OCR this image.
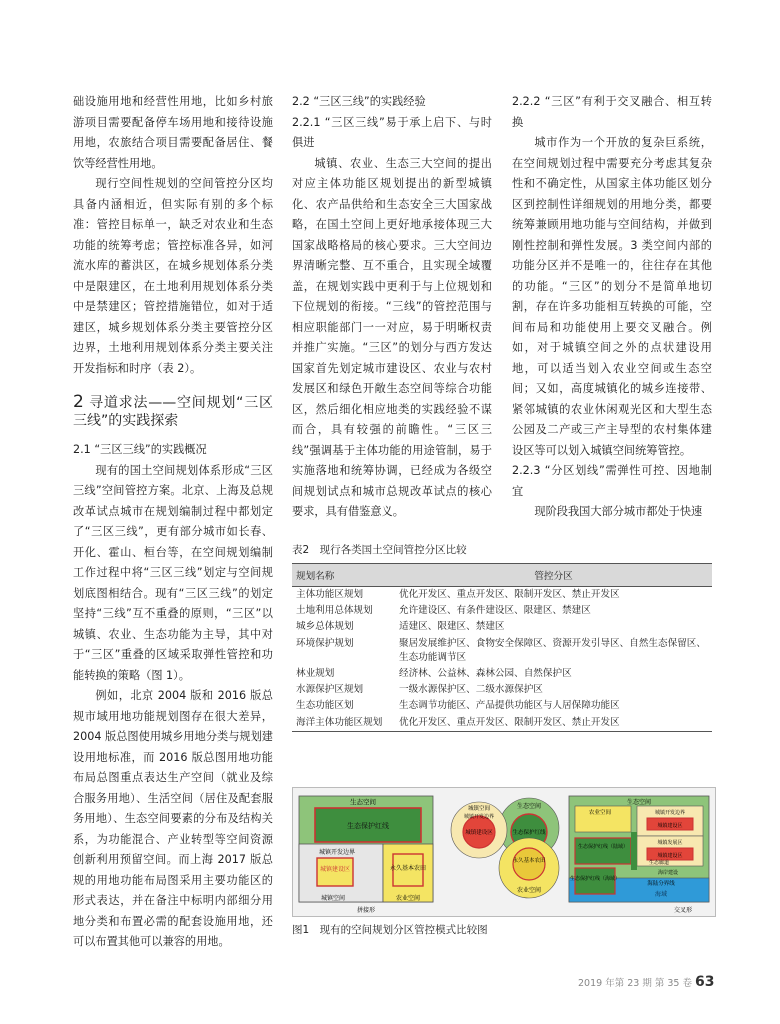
础设施用地和经营性用地，比如乡村旅游项目需要配备停车场用地和接待设施用地，农旅结合项目需要配备居住、餐饮等经营性用地。

现行空间性规划的空间管控分区均具备内涵相近，但实际有别的多个标准：管控目标单一，缺乏对农业和生态功能的统筹考虑；管控标准各异，如河流水库的蓄洪区，在城乡规划体系分类中是限建区，在土地利用规划体系分类中是禁建区；管控措施错位，如对于适建区，城乡规划体系分类主要管控分区边界，土地利用规划体系分类主要关注开发指标和时序（表 2）。

2 寻道求法——空间规划“三区三线”的实践探索

2.1 “三区三线”的实践概况

现有的国土空间规划体系形成“三区三线”空间管控方案。北京、上海及总规改革试点城市在规划编制过程中都划定了“三区三线”，更有部分城市如长春、开化、霍山、桓台等，在空间规划编制工作过程中将“三区三线”划定与空间规划底图相结合。现有“三区三线”的划定坚持“三线”互不重叠的原则，“三区”以城镇、农业、生态功能为主导，其中对于“三区”重叠的区域采取弹性管控和功能转换的策略（图 1）。

例如，北京 2004 版和 2016 版总规市域用地功能规划图存在很大差异，2004 版总图使用城乡用地分类与规划建设用地标准，而 2016 版总图用地功能布局总图重点表达生产空间（就业及综合服务用地）、生活空间（居住及配套服务用地）、生态空间要素的分布及结构关系，为功能混合、产业转型等空间资源创新利用预留空间。而上海 2017 版总规的用地功能布局图采用主要功能区的形式表达，并在备注中标明内部细分用地分类和布置必需的配套设施用地，还可以布置其他可以兼容的用地。

2.2 “三区三线”的实践经验

2.2.1 “三区三线”易于承上启下、与时俱进

城镇、农业、生态三大空间的提出对应主体功能区规划提出的新型城镇化、农产品供给和生态安全三大国家战略，在国土空间上更好地承接体现三大国家战略格局的核心要求。三大空间边界清晰完整、互不重合，且实现全域覆盖，在规划实践中更利于与上位规划和下位规划的衔接。“三线”的管控范围与相应职能部门一一对应，易于明晰权责并推广实施。“三区”的划分与西方发达国家首先划定城市建设区、农业与农村发展区和绿色开敞生态空间等综合功能区，然后细化相应地类的实践经验不谋而合，具有较强的前瞻性。“三区三线”强调基于主体功能的用途管制，易于实施落地和统筹协调，已经成为各级空间规划试点和城市总规改革试点的核心要求，具有借鉴意义。

2.2.2 “三区”有利于交叉融合、相互转换

城市作为一个开放的复杂巨系统，在空间规划过程中需要充分考虑其复杂性和不确定性，从国家主体功能区划分区到控制性详细规划的用地分类，都要统筹兼顾用地功能与空间结构，并做到刚性控制和弹性发展。3 类空间内部的功能分区并不是唯一的，往往存在其他的功能。“三区”的划分不是简单地切割，存在许多功能相互转换的可能，空间布局和功能使用上要交叉融合。例如，对于城镇空间之外的点状建设用地，可以适当划入农业空间或生态空间；又如，高度城镇化的城乡连接带、紧邻城镇的农业休闲观光区和大型生态公园及二产或三产主导型的农村集体建设区等可以划入城镇空间统筹管控。

2.2.3 “分区划线”需弹性可控、因地制宜

现阶段我国大部分城市都处于快速

表2　现行各类国土空间管控分区比较
规划名称	管控分区
主体功能区规划	优化开发区、重点开发区、限制开发区、禁止开发区
土地利用总体规划	允许建设区、有条件建设区、限建区、禁建区
城乡总体规划	适建区、限建区、禁建区
环境保护规划	聚居发展维护区、食物安全保障区、资源开发引导区、自然生态保留区、生态功能调节区
林业规划	经济林、公益林、森林公园、自然保护区
水源保护区规划	一级水源保护区、二级水源保护区
生态功能区划	生态调节功能区、产品提供功能区与人居保障功能区
海洋主体功能区规划	优化开发区、重点开发区、限制开发区、禁止开发区
生态空间
生态保护红线
城镇开发边界
城镇建设区
城镇空间
永久基本农田
农业空间
拼接形
生态空间
生态保护红线
城镇空间
城镇开发边界
城镇建设区
永久基本农田
农业空间
生态空间
农业空间	城镇开发边界
城镇建设区
城镇发展区
城镇建设区
生态保护红线（陆域）
海岸建设
生态保护红线（海域）
生态廊道
海陆分界线
海域
交叉形
图1　现有的空间规划分区管控模式比较图
2019 年第 23 期 第 35 卷 63
